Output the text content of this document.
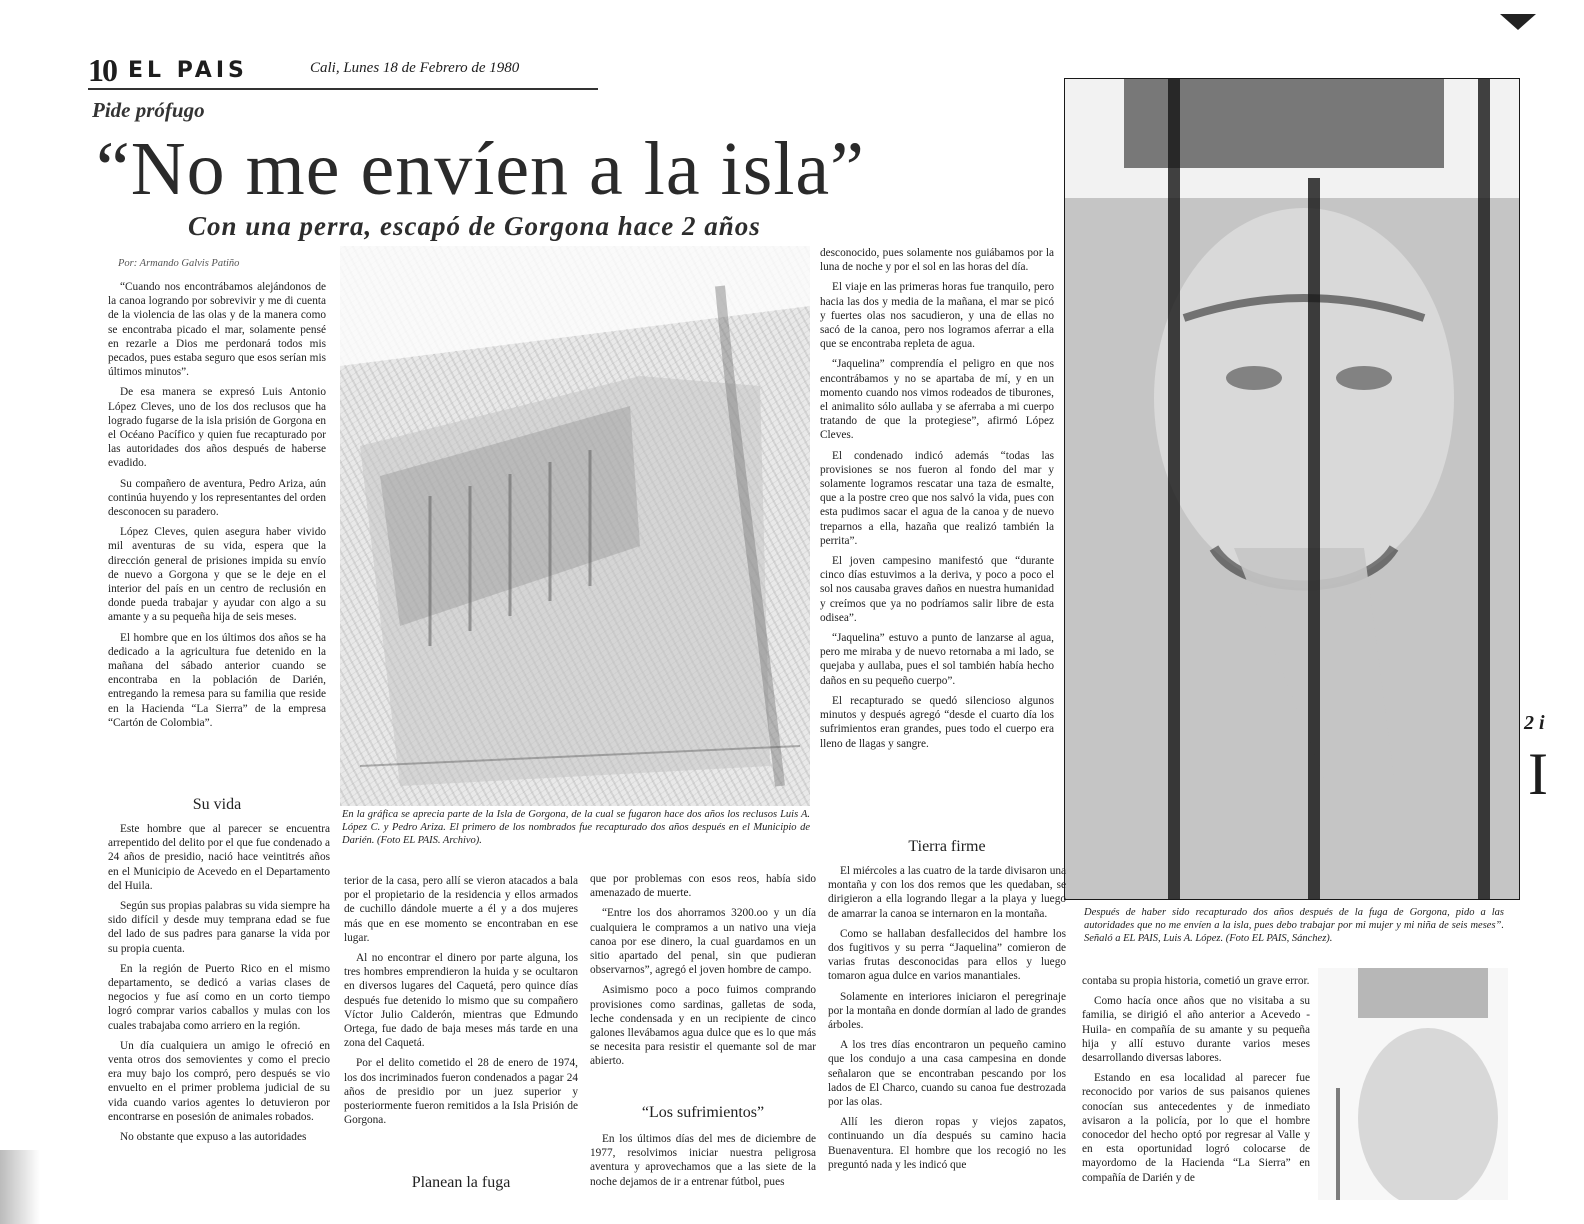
10 EL PAIS	Cali, Lunes 18 de Febrero de 1980
Pide prófugo
“No me envíen a la isla”
Con una perra, escapó de Gorgona hace 2 años
Por: Armando Galvis Patiño

“Cuando nos encontrábamos alejándonos de la canoa logrando por sobrevivir y me di cuenta de la violencia de las olas y de la manera como se encontraba picado el mar, solamente pensé en rezarle a Dios me perdonará todos mis pecados, pues estaba seguro que esos serían mis últimos minutos”.

De esa manera se expresó Luis Antonio López Cleves, uno de los dos reclusos que ha logrado fugarse de la isla prisión de Gorgona en el Océano Pacífico y quien fue recapturado por las autoridades dos años después de haberse evadido.

Su compañero de aventura, Pedro Ariza, aún continúa huyendo y los representantes del orden desconocen su paradero.

López Cleves, quien asegura haber vivido mil aventuras de su vida, espera que la dirección general de prisiones impida su envío de nuevo a Gorgona y que se le deje en el interior del país en un centro de reclusión en donde pueda trabajar y ayudar con algo a su amante y a su pequeña hija de seis meses.

El hombre que en los últimos dos años se ha dedicado a la agricultura fue detenido en la mañana del sábado anterior cuando se encontraba en la población de Darién, entregando la remesa para su familia que reside en la Hacienda “La Sierra” de la empresa “Cartón de Colombia”.

En la gráfica se aprecia parte de la Isla de Gorgona, de la cual se fugaron hace dos años los reclusos Luis A. López C. y Pedro Ariza. El primero de los nombrados fue recapturado dos años después en el Municipio de Darién. (Foto EL PAIS. Archivo).

desconocido, pues solamente nos guiábamos por la luna de noche y por el sol en las horas del día.

El viaje en las primeras horas fue tranquilo, pero hacia las dos y media de la mañana, el mar se picó y fuertes olas nos sacudieron, y una de ellas no sacó de la canoa, pero nos logramos aferrar a ella que se encontraba repleta de agua.

“Jaquelina” comprendía el peligro en que nos encontrábamos y no se apartaba de mí, y en un momento cuando nos vimos rodeados de tiburones, el animalito sólo aullaba y se aferraba a mi cuerpo tratando de que la protegiese”, afirmó López Cleves.

El condenado indicó además “todas las provisiones se nos fueron al fondo del mar y solamente logramos rescatar una taza de esmalte, que a la postre creo que nos salvó la vida, pues con esta pudimos sacar el agua de la canoa y de nuevo treparnos a ella, hazaña que realizó también la perrita”.

El joven campesino manifestó que “durante cinco días estuvimos a la deriva, y poco a poco el sol nos causaba graves daños en nuestra humanidad y creímos que ya no podríamos salir libre de esta odisea”.

“Jaquelina” estuvo a punto de lanzarse al agua, pero me miraba y de nuevo retornaba a mi lado, se quejaba y aullaba, pues el sol también había hecho daños en su pequeño cuerpo”.

El recapturado se quedó silencioso algunos minutos y después agregó “desde el cuarto día los sufrimientos eran grandes, pues todo el cuerpo era lleno de llagas y sangre.

Después de haber sido recapturado dos años después de la fuga de Gorgona, pido a las autoridades que no me envíen a la isla, pues debo trabajar por mi mujer y mi niña de seis meses”. Señaló a EL PAIS, Luis A. López. (Foto EL PAIS, Sánchez).
2 i
I
Su vida

Este hombre que al parecer se encuentra arrepentido del delito por el que fue condenado a 24 años de presidio, nació hace veintitrés años en el Municipio de Acevedo en el Departamento del Huila.

Según sus propias palabras su vida siempre ha sido difícil y desde muy temprana edad se fue del lado de sus padres para ganarse la vida por su propia cuenta.

En la región de Puerto Rico en el mismo departamento, se dedicó a varias clases de negocios y fue así como en un corto tiempo logró comprar varios caballos y mulas con los cuales trabajaba como arriero en la región.

Un día cualquiera un amigo le ofreció en venta otros dos semovientes y como el precio era muy bajo los compró, pero después se vio envuelto en el primer problema judicial de su vida cuando varios agentes lo detuvieron por encontrarse en posesión de animales robados.

No obstante que expuso a las autoridades

terior de la casa, pero allí se vieron atacados a bala por el propietario de la residencia y ellos armados de cuchillo dándole muerte a él y a dos mujeres más que en ese momento se encontraban en ese lugar.

Al no encontrar el dinero por parte alguna, los tres hombres emprendieron la huida y se ocultaron en diversos lugares del Caquetá, pero quince días después fue detenido lo mismo que su compañero Víctor Julio Calderón, mientras que Edmundo Ortega, fue dado de baja meses más tarde en una zona del Caquetá.

Por el delito cometido el 28 de enero de 1974, los dos incriminados fueron condenados a pagar 24 años de presidio por un juez superior y posteriormente fueron remitidos a la Isla Prisión de Gorgona.

Planean la fuga

que por problemas con esos reos, había sido amenazado de muerte.

“Entre los dos ahorramos 3200.oo y un día cualquiera le compramos a un nativo una vieja canoa por ese dinero, la cual guardamos en un sitio apartado del penal, sin que pudieran observarnos”, agregó el joven hombre de campo.

Asimismo poco a poco fuimos comprando provisiones como sardinas, galletas de soda, leche condensada y en un recipiente de cinco galones llevábamos agua dulce que es lo que más se necesita para resistir el quemante sol de mar abierto.

“Los sufrimientos”

En los últimos días del mes de diciembre de 1977, resolvimos iniciar nuestra peligrosa aventura y aprovechamos que a las siete de la noche dejamos de ir a entrenar fútbol, pues

Tierra firme

El miércoles a las cuatro de la tarde divisaron una montaña y con los dos remos que les quedaban, se dirigieron a ella logrando llegar a la playa y luego de amarrar la canoa se internaron en la montaña.

Como se hallaban desfallecidos del hambre los dos fugitivos y su perra “Jaquelina” comieron de varias frutas desconocidas para ellos y luego tomaron agua dulce en varios manantiales.

Solamente en interiores iniciaron el peregrinaje por la montaña en donde dormían al lado de grandes árboles.

A los tres días encontraron un pequeño camino que los condujo a una casa campesina en donde señalaron que se encontraban pescando por los lados de El Charco, cuando su canoa fue destrozada por las olas.

Allí les dieron ropas y viejos zapatos, continuando un día después su camino hacia Buenaventura. El hombre que los recogió no les preguntó nada y les indicó que

contaba su propia historia, cometió un grave error.

Como hacía once años que no visitaba a su familia, se dirigió el año anterior a Acevedo -Huila- en compañía de su amante y su pequeña hija y allí estuvo durante varios meses desarrollando diversas labores.

Estando en esa localidad al parecer fue reconocido por varios de sus paisanos quienes conocían sus antecedentes y de inmediato avisaron a la policía, por lo que el hombre conocedor del hecho optó por regresar al Valle y en esta oportunidad logró colocarse de mayordomo de la Hacienda “La Sierra” en compañía de Darién y de
